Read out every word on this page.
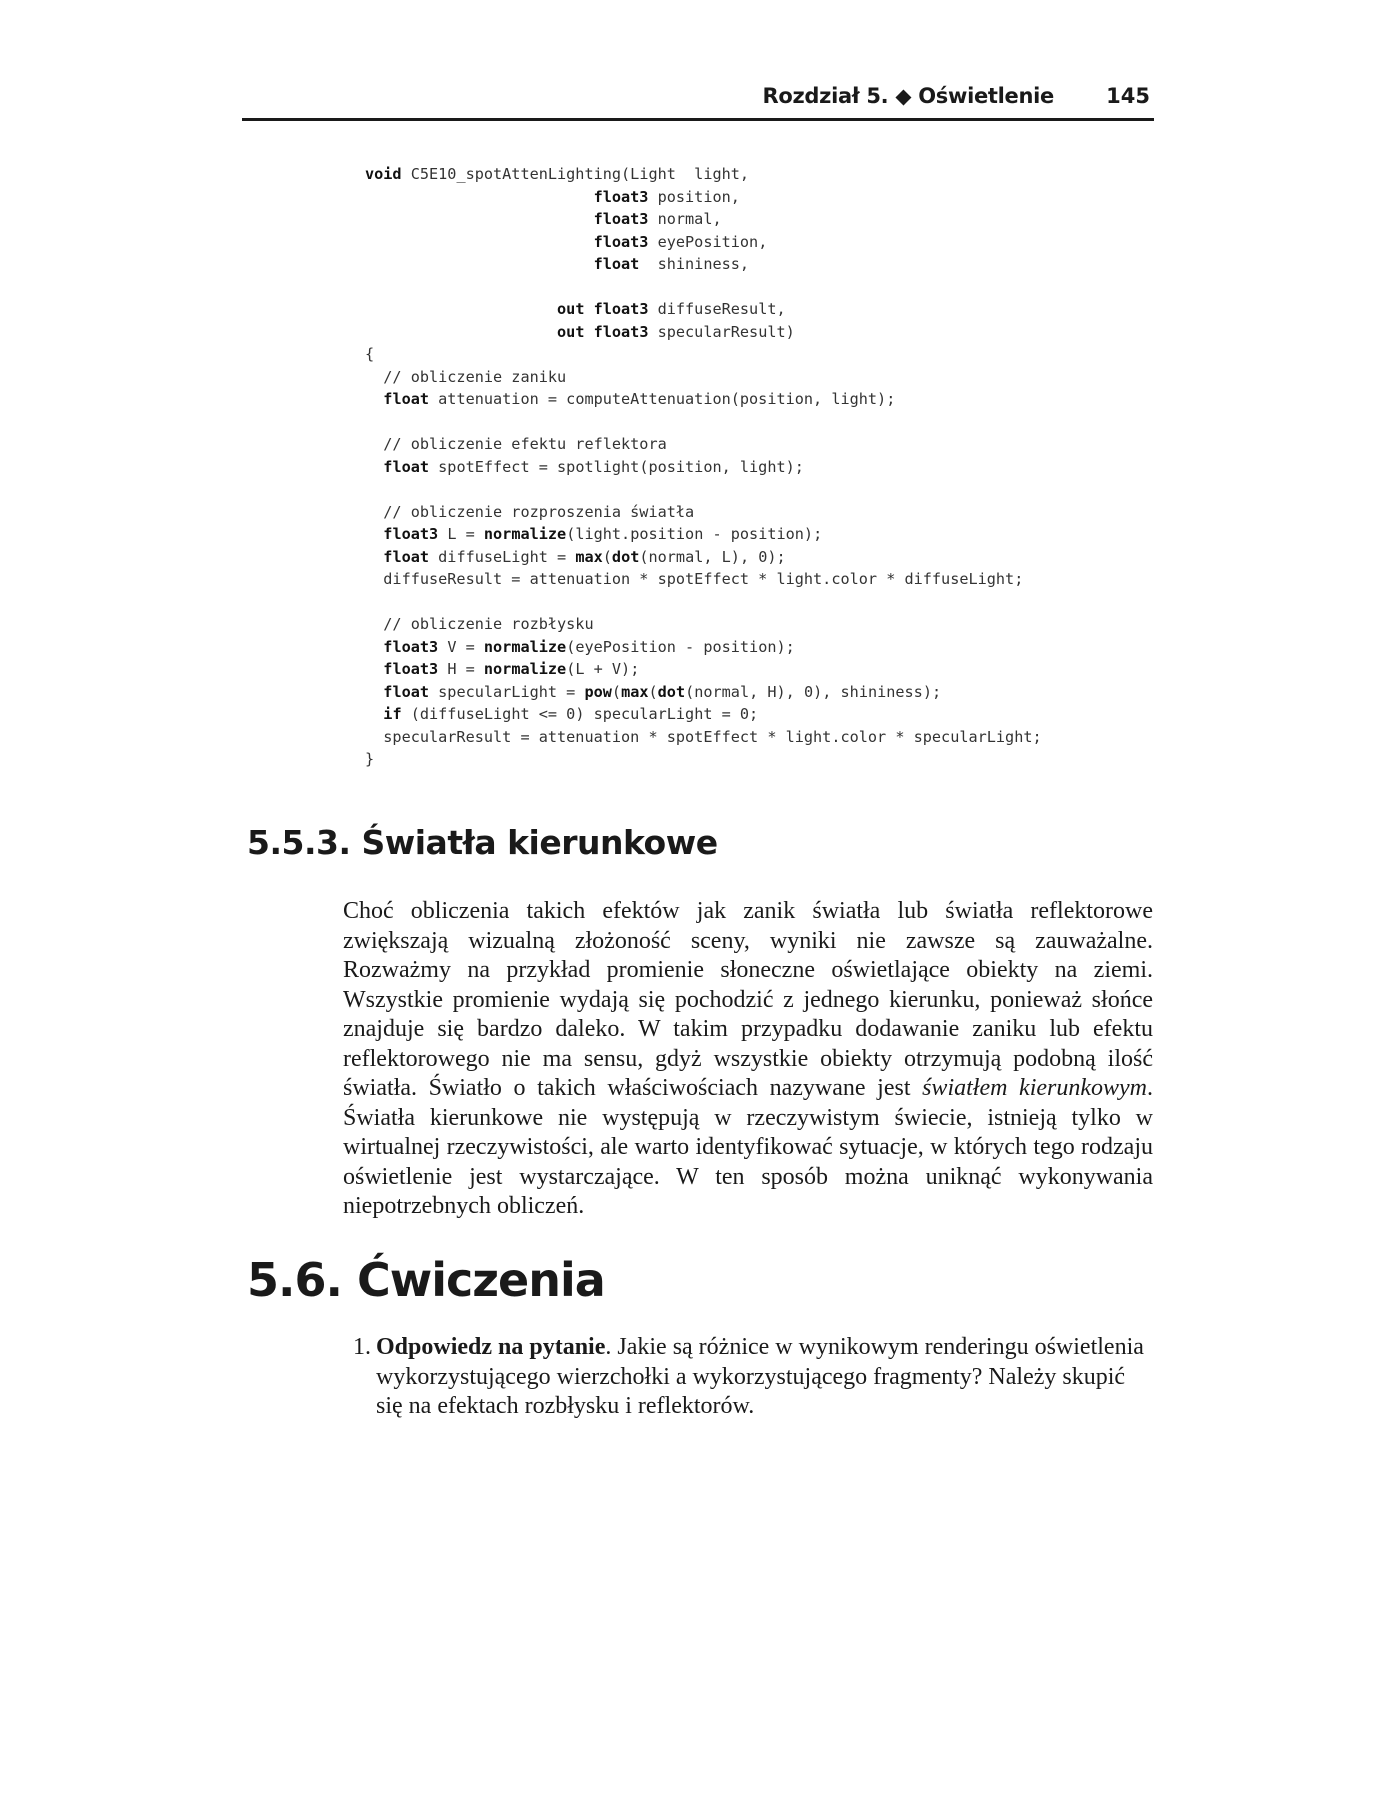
Rozdział 5. ◆ Oświetlenie 145
void C5E10_spotAttenLighting(Light  light,
float3 position,
float3 normal,
float3 eyePosition,
float  shininess,
out float3 diffuseResult,
out float3 specularResult)
{
// obliczenie zaniku
float attenuation = computeAttenuation(position, light);
// obliczenie efektu reflektora
float spotEffect = spotlight(position, light);
// obliczenie rozproszenia światła
float3 L = normalize(light.position - position);
float diffuseLight = max(dot(normal, L), 0);
diffuseResult = attenuation * spotEffect * light.color * diffuseLight;
// obliczenie rozbłysku
float3 V = normalize(eyePosition - position);
float3 H = normalize(L + V);
float specularLight = pow(max(dot(normal, H), 0), shininess);
if (diffuseLight <= 0) specularLight = 0;
specularResult = attenuation * spotEffect * light.color * specularLight;
}
5.5.3. Światła kierunkowe

Choć obliczenia takich efektów jak zanik światła lub światła reflektorowe zwiększają wizualną złożoność sceny, wyniki nie zawsze są zauważalne. Rozważmy na przykład promienie słoneczne oświetlające obiekty na ziemi. Wszystkie promienie wydają się pochodzić z jednego kierunku, ponieważ słońce znajduje się bardzo daleko. W takim przypadku dodawanie zaniku lub efektu reflektorowego nie ma sensu, gdyż wszystkie obiekty otrzymują podobną ilość światła. Światło o takich właściwościach nazywane jest światłem kierunkowym. Światła kierunkowe nie występują w rzeczywistym świecie, istnieją tylko w wirtualnej rzeczywistości, ale warto identyfikować sytuacje, w których tego rodzaju oświetlenie jest wystarczające. W ten sposób można uniknąć wykonywania niepotrzebnych obliczeń.

5.6. Ćwiczenia
1. Odpowiedz na pytanie. Jakie są różnice w wynikowym renderingu oświetlenia wykorzystującego wierzchołki a wykorzystującego fragmenty? Należy skupić się na efektach rozbłysku i reflektorów.
